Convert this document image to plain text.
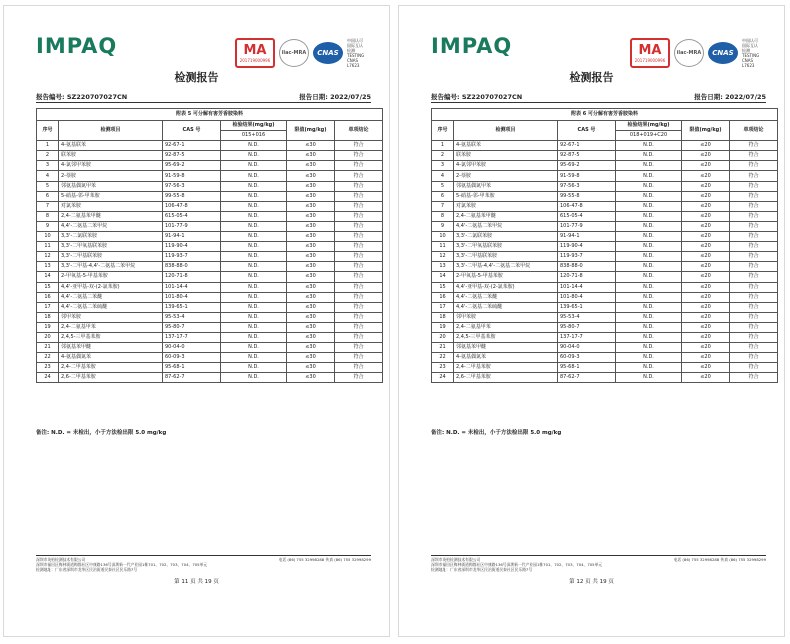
IMPAQ	MA
201719000996
ilac-MRA	CNAS
中国认可
国际互认
检测
TESTING
CNAS L7623
检测报告
报告编号: SZ220707027CN	报告日期: 2022/07/25
附表 5 可分解有害芳香胺染料					
序号	检测项目	CAS 号	检验结果(mg/kg)	限值(mg/kg)	单项结论
			015+016		
1	4-氨基联苯	92-67-1	N.D.	≤30	符合
2	联苯胺	92-87-5	N.D.	≤30	符合
3	4-氯邻甲苯胺	95-69-2	N.D.	≤30	符合
4	2-萘胺	91-59-8	N.D.	≤30	符合
5	邻氨基偶氮甲苯	97-56-3	N.D.	≤30	符合
6	5-硝基-邻-甲苯胺	99-55-8	N.D.	≤30	符合
7	对氯苯胺	106-47-8	N.D.	≤30	符合
8	2,4-二氨基苯甲醚	615-05-4	N.D.	≤30	符合
9	4,4'-二氨基二苯甲烷	101-77-9	N.D.	≤30	符合
10	3,3'-二氯联苯胺	91-94-1	N.D.	≤30	符合
11	3,3'-二甲氧基联苯胺	119-90-4	N.D.	≤30	符合
12	3,3'-二甲基联苯胺	119-93-7	N.D.	≤30	符合
13	3,3'-二甲基-4,4'-二氨基二苯甲烷	838-88-0	N.D.	≤30	符合
14	2-甲氧基-5-甲基苯胺	120-71-8	N.D.	≤30	符合
15	4,4'-亚甲基-双-(2-氯苯胺)	101-14-4	N.D.	≤30	符合
16	4,4'-二氨基二苯醚	101-80-4	N.D.	≤30	符合
17	4,4'-二氨基二苯硫醚	139-65-1	N.D.	≤30	符合
18	邻甲苯胺	95-53-4	N.D.	≤30	符合
19	2,4-二氨基甲苯	95-80-7	N.D.	≤30	符合
20	2,4,5-三甲基苯胺	137-17-7	N.D.	≤30	符合
21	邻氨基苯甲醚	90-04-0	N.D.	≤30	符合
22	4-氨基偶氮苯	60-09-3	N.D.	≤30	符合
23	2,4-二甲基苯胺	95-68-1	N.D.	≤30	符合
24	2,6-二甲基苯胺	87-62-7	N.D.	≤30	符合
备注: N.D. = 未检出，小于方法检出限 5.0 mg/kg
深圳市英柏检测技术有限公司
深圳市福田区梅林街道梅都社区中康路136号深圳新一代产业园1栋701、702、703、704、705单元
检测地址：广东省深圳市龙华区民治街道民泰社区民乐路7号
电话 (86) 755 32998288 传真 (86) 755 32998299
第 11 页 共 19 页
IMPAQ	MA
201719000996
ilac-MRA	CNAS
中国认可
国际互认
检测
TESTING
CNAS L7623
检测报告
报告编号: SZ220707027CN	报告日期: 2022/07/25
附表 6 可分解有害芳香胺染料					
序号	检测项目	CAS 号	检验结果(mg/kg)	限值(mg/kg)	单项结论
			018+019+C20		
1	4-氨基联苯	92-67-1	N.D.	≤20	符合
2	联苯胺	92-87-5	N.D.	≤20	符合
3	4-氯邻甲苯胺	95-69-2	N.D.	≤20	符合
4	2-萘胺	91-59-8	N.D.	≤20	符合
5	邻氨基偶氮甲苯	97-56-3	N.D.	≤20	符合
6	5-硝基-邻-甲苯胺	99-55-8	N.D.	≤20	符合
7	对氯苯胺	106-47-8	N.D.	≤20	符合
8	2,4-二氨基苯甲醚	615-05-4	N.D.	≤20	符合
9	4,4'-二氨基二苯甲烷	101-77-9	N.D.	≤20	符合
10	3,3'-二氯联苯胺	91-94-1	N.D.	≤20	符合
11	3,3'-二甲氧基联苯胺	119-90-4	N.D.	≤20	符合
12	3,3'-二甲基联苯胺	119-93-7	N.D.	≤20	符合
13	3,3'-二甲基-4,4'-二氨基二苯甲烷	838-88-0	N.D.	≤20	符合
14	2-甲氧基-5-甲基苯胺	120-71-8	N.D.	≤20	符合
15	4,4'-亚甲基-双-(2-氯苯胺)	101-14-4	N.D.	≤20	符合
16	4,4'-二氨基二苯醚	101-80-4	N.D.	≤20	符合
17	4,4'-二氨基二苯硫醚	139-65-1	N.D.	≤20	符合
18	邻甲苯胺	95-53-4	N.D.	≤20	符合
19	2,4-二氨基甲苯	95-80-7	N.D.	≤20	符合
20	2,4,5-三甲基苯胺	137-17-7	N.D.	≤20	符合
21	邻氨基苯甲醚	90-04-0	N.D.	≤20	符合
22	4-氨基偶氮苯	60-09-3	N.D.	≤20	符合
23	2,4-二甲基苯胺	95-68-1	N.D.	≤20	符合
24	2,6-二甲基苯胺	87-62-7	N.D.	≤20	符合
备注: N.D. = 未检出，小于方法检出限 5.0 mg/kg
深圳市英柏检测技术有限公司
深圳市福田区梅林街道梅都社区中康路136号深圳新一代产业园1栋701、702、703、704、705单元
检测地址：广东省深圳市龙华区民治街道民泰社区民乐路7号
电话 (86) 755 32998288 传真 (86) 755 32998299
第 12 页 共 19 页
